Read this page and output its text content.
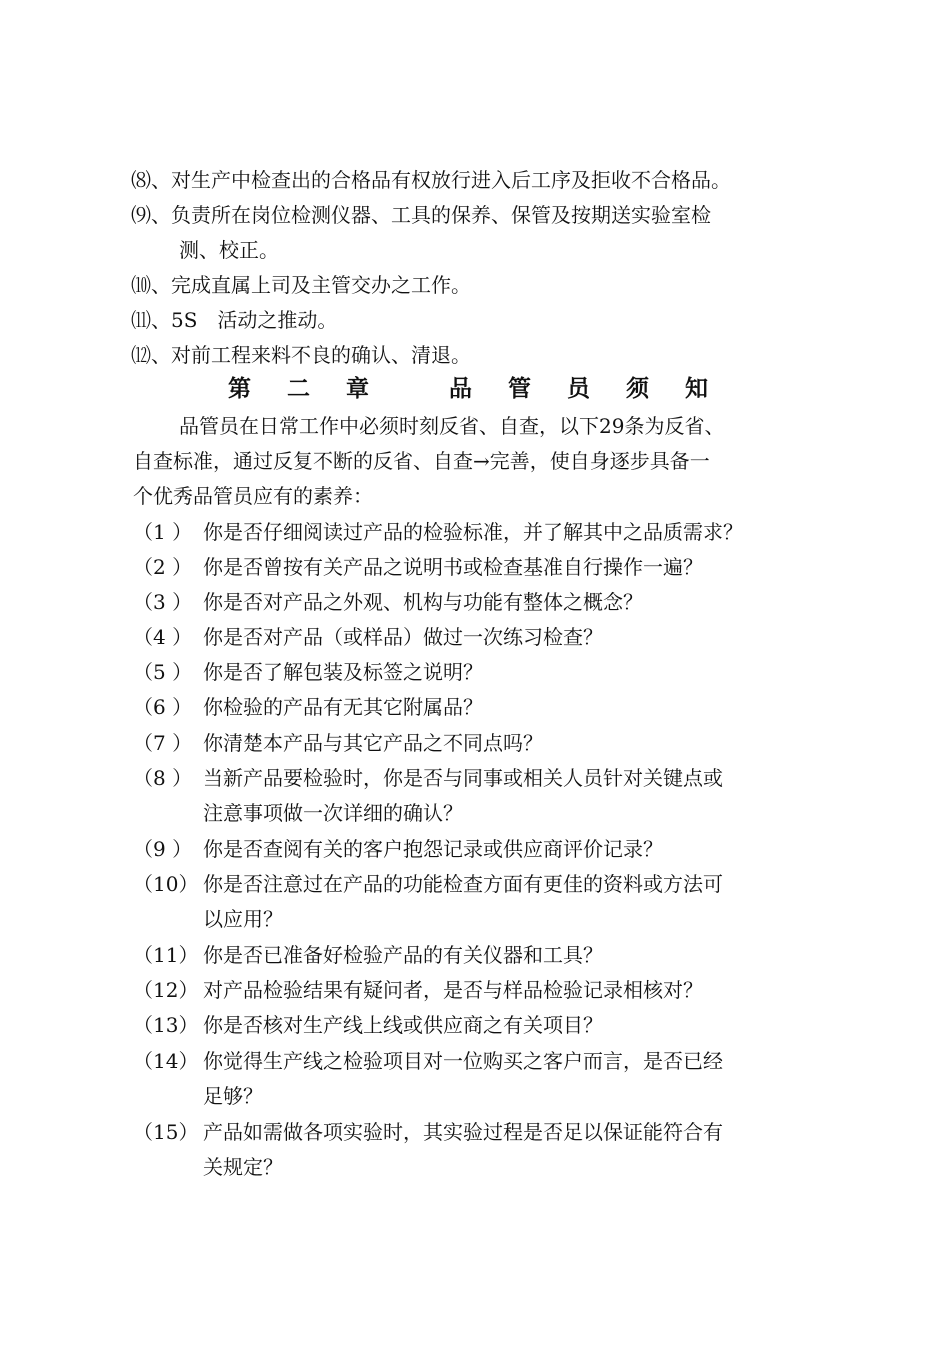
⑻、对生产中检查出的合格品有权放行进入后工序及拒收不合格品。
⑼、负责所在岗位检测仪器、工具的保养、保管及按期送实验室检
测、校正。
⑽、完成直属上司及主管交办之工作。
⑾、5S　活动之推动。
⑿、对前工程来料不良的确认、清退。
第 二 章   品 管 员 须 知
品管员在日常工作中必须时刻反省、自查，以下29条为反省、
自查标准，通过反复不断的反省、自查→完善，使自身逐步具备一
个优秀品管员应有的素养：
（1 ） 你是否仔细阅读过产品的检验标准，并了解其中之品质需求？
（2 ） 你是否曾按有关产品之说明书或检查基准自行操作一遍？
（3 ） 你是否对产品之外观、机构与功能有整体之概念？
（4 ） 你是否对产品（或样品）做过一次练习检查？
（5 ） 你是否了解包装及标签之说明？
（6 ） 你检验的产品有无其它附属品？
（7 ） 你清楚本产品与其它产品之不同点吗？
（8 ） 当新产品要检验时，你是否与同事或相关人员针对关键点或
注意事项做一次详细的确认？
（9 ） 你是否查阅有关的客户抱怨记录或供应商评价记录？
（10） 你是否注意过在产品的功能检查方面有更佳的资料或方法可
以应用？
（11） 你是否已准备好检验产品的有关仪器和工具？
（12） 对产品检验结果有疑问者，是否与样品检验记录相核对？
（13） 你是否核对生产线上线或供应商之有关项目？
（14） 你觉得生产线之检验项目对一位购买之客户而言，是否已经
足够？
（15） 产品如需做各项实验时，其实验过程是否足以保证能符合有
关规定？
